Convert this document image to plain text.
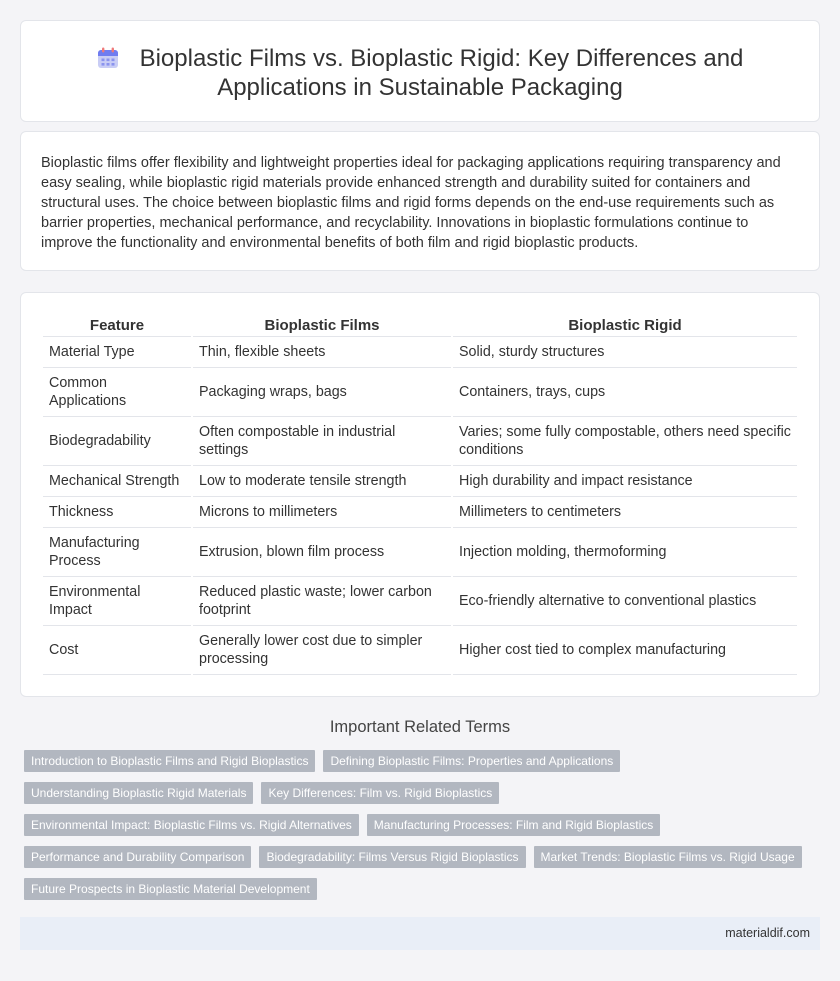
Bioplastic Films vs. Bioplastic Rigid: Key Differences and
Applications in Sustainable Packaging

Bioplastic films offer flexibility and lightweight properties ideal for packaging applications requiring transparency and easy sealing, while bioplastic rigid materials provide enhanced strength and durability suited for containers and structural uses. The choice between bioplastic films and rigid forms depends on the end-use requirements such as barrier properties, mechanical performance, and recyclability. Innovations in bioplastic formulations continue to improve the functionality and environmental benefits of both film and rigid bioplastic products.

Feature	Bioplastic Films	Bioplastic Rigid
Material Type	Thin, flexible sheets	Solid, sturdy structures
Common Applications	Packaging wraps, bags	Containers, trays, cups
Biodegradability	Often compostable in industrial settings	Varies; some fully compostable, others need specific conditions
Mechanical Strength	Low to moderate tensile strength	High durability and impact resistance
Thickness	Microns to millimeters	Millimeters to centimeters
Manufacturing Process	Extrusion, blown film process	Injection molding, thermoforming
Environmental Impact	Reduced plastic waste; lower carbon footprint	Eco-friendly alternative to conventional plastics
Cost	Generally lower cost due to simpler processing	Higher cost tied to complex manufacturing
Important Related Terms
Introduction to Bioplastic Films and Rigid Bioplastics	Defining Bioplastic Films: Properties and Applications
Understanding Bioplastic Rigid Materials	Key Differences: Film vs. Rigid Bioplastics
Environmental Impact: Bioplastic Films vs. Rigid Alternatives	Manufacturing Processes: Film and Rigid Bioplastics
Performance and Durability Comparison	Biodegradability: Films Versus Rigid Bioplastics	Market Trends: Bioplastic Films vs. Rigid Usage
Future Prospects in Bioplastic Material Development
materialdif.com
